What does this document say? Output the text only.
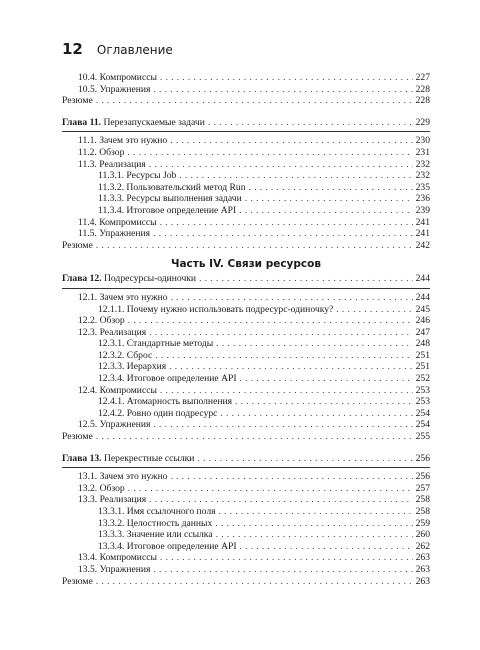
12 Оглавление
10.4. Компромиссы . . .	227
10.5. Упражнения . . .	228
Резюме . . .	228
Глава 11. Перезапускаемые задачи . . .	229
11.1. Зачем это нужно . . .	230
11.2. Обзор . . .	231
11.3. Реализация . . .	232
11.3.1. Ресурсы Job . . .	232
11.3.2. Пользовательский метод Run . . .	235
11.3.3. Ресурсы выполнения задачи . . .	236
11.3.4. Итоговое определение API . . .	239
11.4. Компромиссы . . .	241
11.5. Упражнения . . .	241
Резюме . . .	242
Часть IV. Связи ресурсов
Глава 12. Подресурсы-одиночки . . .	244
12.1. Зачем это нужно . . .	244
12.1.1. Почему нужно использовать подресурс-одиночку? . . .	245
12.2. Обзор . . .	246
12.3. Реализация . . .	247
12.3.1. Стандартные методы . . .	248
12.3.2. Сброс . . .	251
12.3.3. Иерархия . . .	251
12.3.4. Итоговое определение API . . .	252
12.4. Компромиссы . . .	253
12.4.1. Атомарность выполнения . . .	253
12.4.2. Ровно один подресурс . . .	254
12.5. Упражнения . . .	254
Резюме . . .	255
Глава 13. Перекрестные ссылки . . .	256
13.1. Зачем это нужно . . .	256
13.2. Обзор . . .	257
13.3. Реализация . . .	258
13.3.1. Имя ссылочного поля . . .	258
13.3.2. Целостность данных . . .	259
13.3.3. Значение или ссылка . . .	260
13.3.4. Итоговое определение API . . .	262
13.4. Компромиссы . . .	263
13.5. Упражнения . . .	263
Резюме . . .	263
